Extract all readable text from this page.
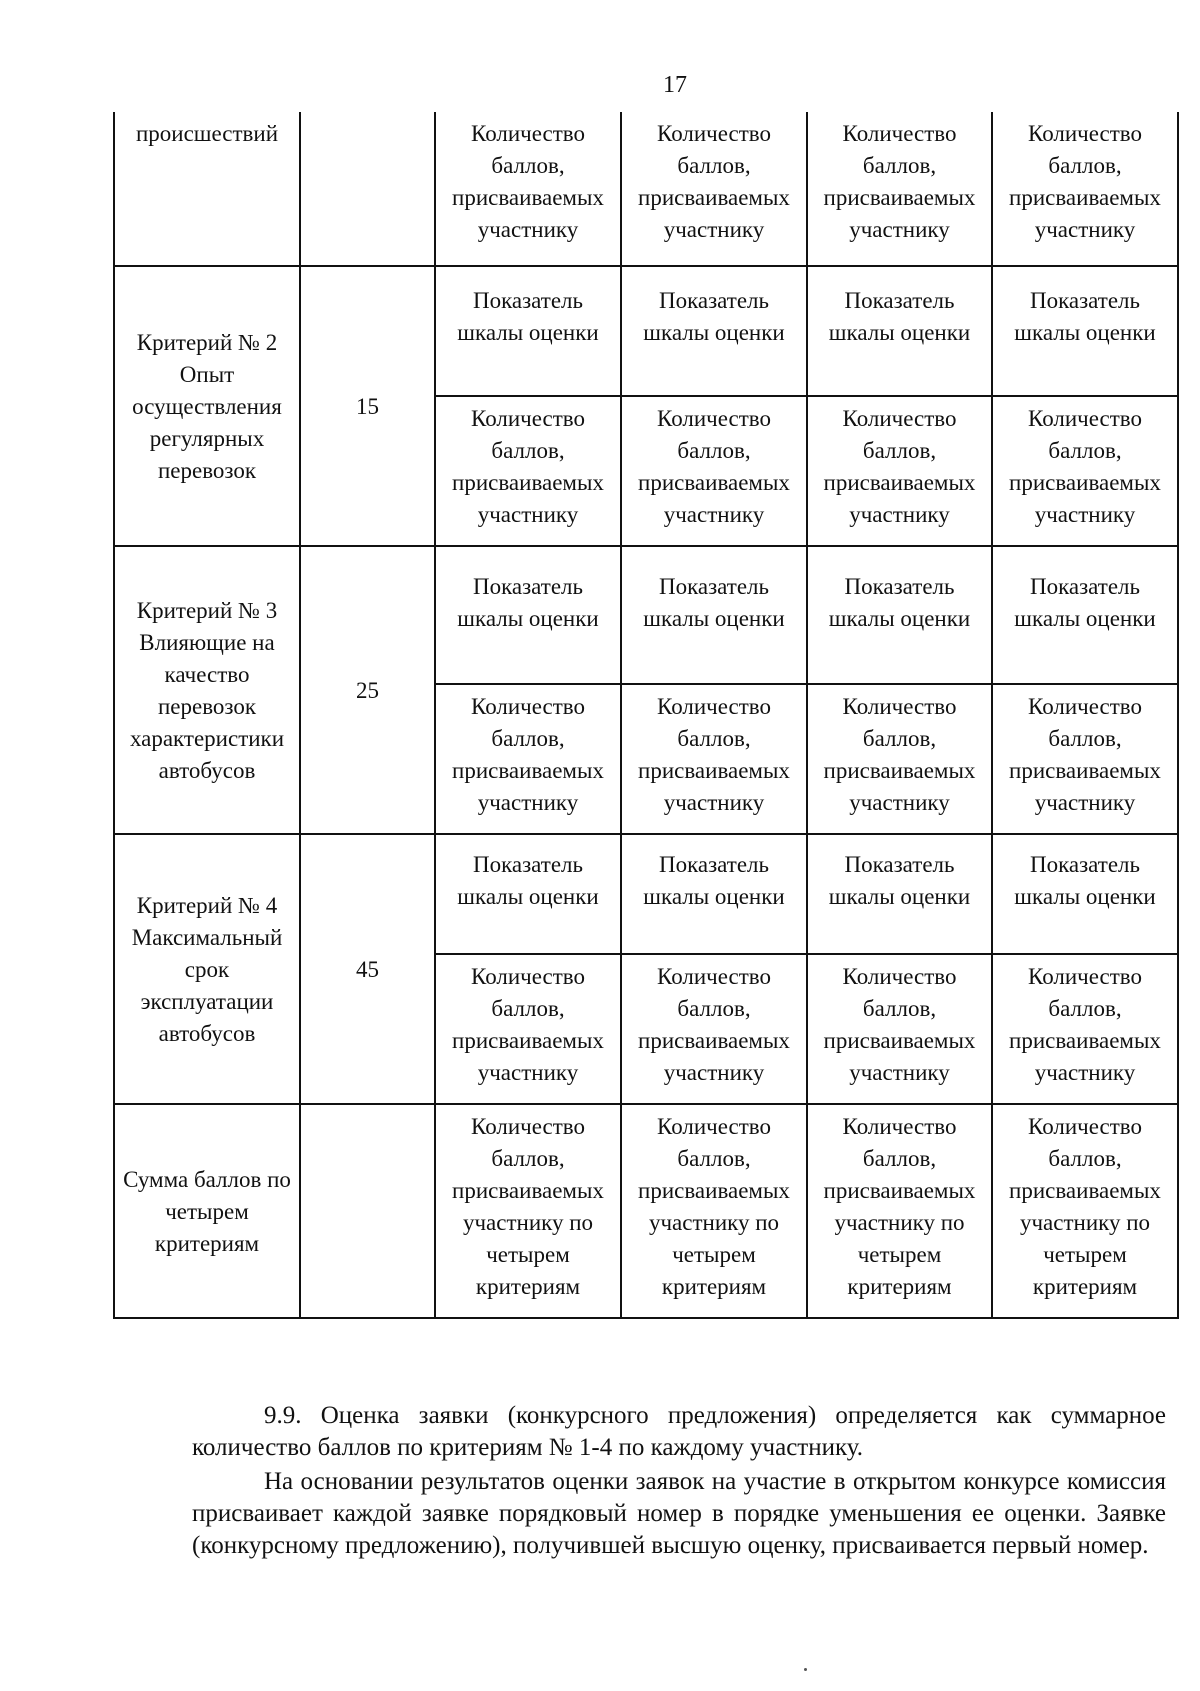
17
происшествий		Количество баллов, присваиваемых участнику	Количество баллов, присваиваемых участнику	Количество баллов, присваиваемых участнику	Количество баллов, присваиваемых участнику
Критерий № 2 Опыт осуществления регулярных перевозок	15	Показатель шкалы оценки	Показатель шкалы оценки	Показатель шкалы оценки	Показатель шкалы оценки
		Количество баллов, присваиваемых участнику	Количество баллов, присваиваемых участнику	Количество баллов, присваиваемых участнику	Количество баллов, присваиваемых участнику
Критерий № 3 Влияющие на качество перевозок характеристики автобусов	25	Показатель шкалы оценки	Показатель шкалы оценки	Показатель шкалы оценки	Показатель шкалы оценки
		Количество баллов, присваиваемых участнику	Количество баллов, присваиваемых участнику	Количество баллов, присваиваемых участнику	Количество баллов, присваиваемых участнику
Критерий № 4 Максимальный срок эксплуатации автобусов	45	Показатель шкалы оценки	Показатель шкалы оценки	Показатель шкалы оценки	Показатель шкалы оценки
		Количество баллов, присваиваемых участнику	Количество баллов, присваиваемых участнику	Количество баллов, присваиваемых участнику	Количество баллов, присваиваемых участнику
Сумма баллов по четырем критериям		Количество баллов, присваиваемых участнику по четырем критериям	Количество баллов, присваиваемых участнику по четырем критериям	Количество баллов, присваиваемых участнику по четырем критериям	Количество баллов, присваиваемых участнику по четырем критериям

9.9. Оценка заявки (конкурсного предложения) определяется как суммарное количество баллов по критериям № 1-4 по каждому участнику.

На основании результатов оценки заявок на участие в открытом конкурсе комиссия присваивает каждой заявке порядковый номер в порядке уменьшения ее оценки. Заявке (конкурсному предложению), получившей высшую оценку, присваивается первый номер.
